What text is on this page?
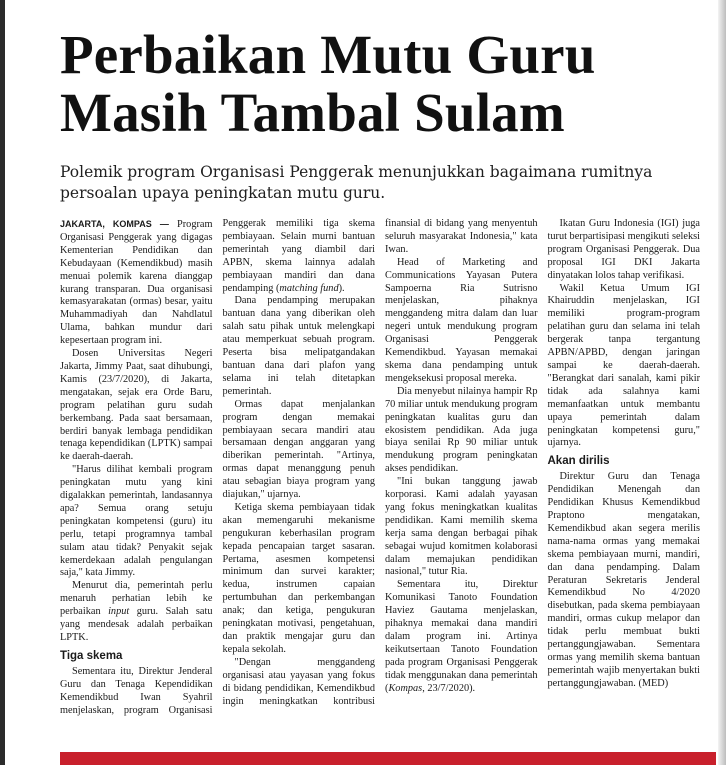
Perbaikan Mutu Guru Masih Tambal Sulam

Polemik program Organisasi Penggerak menunjukkan bagaimana rumitnya persoalan upaya peningkatan mutu guru.

JAKARTA, KOMPAS — Program Organisasi Penggerak yang digagas Kementerian Pendidikan dan Kebudayaan (Kemendikbud) masih menuai polemik karena dianggap kurang transparan. Dua organisasi kemasyarakatan (ormas) besar, yaitu Muhammadiyah dan Nahdlatul Ulama, bahkan mundur dari kepesertaan program ini.

Dosen Universitas Negeri Jakarta, Jimmy Paat, saat dihubungi, Kamis (23/7/2020), di Jakarta, mengatakan, sejak era Orde Baru, program pelatihan guru sudah berkembang. Pada saat bersamaan, berdiri banyak lembaga pendidikan tenaga kependidikan (LPTK) sampai ke daerah-daerah.

"Harus dilihat kembali program peningkatan mutu yang kini digalakkan pemerintah, landasannya apa? Semua orang setuju peningkatan kompetensi (guru) itu perlu, tetapi programnya tambal sulam atau tidak? Penyakit sejak kemerdekaan adalah pengulangan saja," kata Jimmy.

Menurut dia, pemerintah perlu menaruh perhatian lebih ke perbaikan input guru. Salah satu yang mendesak adalah perbaikan LPTK.

Tiga skema

Sementara itu, Direktur Jenderal Guru dan Tenaga Kependidikan Kemendikbud Iwan Syahril menjelaskan, program Organisasi Penggerak memiliki tiga skema pembiayaan. Selain murni bantuan pemerintah yang diambil dari APBN, skema lainnya adalah pembiayaan mandiri dan dana pendamping (matching fund).

Dana pendamping merupakan bantuan dana yang diberikan oleh salah satu pihak untuk melengkapi atau memperkuat sebuah program. Peserta bisa melipatgandakan bantuan dana dari plafon yang selama ini telah ditetapkan pemerintah.

Ormas dapat menjalankan program dengan memakai pembiayaan secara mandiri atau bersamaan dengan anggaran yang diberikan pemerintah. "Artinya, ormas dapat menanggung penuh atau sebagian biaya program yang diajukan," ujarnya.

Ketiga skema pembiayaan tidak akan memengaruhi mekanisme pengukuran keberhasilan program kepada pencapaian target sasaran. Pertama, asesmen kompetensi minimum dan survei karakter; kedua, instrumen capaian pertumbuhan dan perkembangan anak; dan ketiga, pengukuran peningkatan motivasi, pengetahuan, dan praktik mengajar guru dan kepala sekolah.

"Dengan menggandeng organisasi atau yayasan yang fokus di bidang pendidikan, Kemendikbud ingin meningkatkan kontribusi finansial di bidang yang menyentuh seluruh masyarakat Indonesia," kata Iwan.

Head of Marketing and Communications Yayasan Putera Sampoerna Ria Sutrisno menjelaskan, pihaknya menggandeng mitra dalam dan luar negeri untuk mendukung program Organisasi Penggerak Kemendikbud. Yayasan memakai skema dana pendamping untuk mengeksekusi proposal mereka.

Dia menyebut nilainya hampir Rp 70 miliar untuk mendukung program peningkatan kualitas guru dan ekosistem pendidikan. Ada juga biaya senilai Rp 90 miliar untuk mendukung program peningkatan akses pendidikan.

"Ini bukan tanggung jawab korporasi. Kami adalah yayasan yang fokus meningkatkan kualitas pendidikan. Kami memilih skema kerja sama dengan berbagai pihak sebagai wujud komitmen kolaborasi dalam memajukan pendidikan nasional," tutur Ria.

Sementara itu, Direktur Komunikasi Tanoto Foundation Haviez Gautama menjelaskan, pihaknya memakai dana mandiri dalam program ini. Artinya keikutsertaan Tanoto Foundation pada program Organisasi Penggerak tidak menggunakan dana pemerintah (Kompas, 23/7/2020).

Ikatan Guru Indonesia (IGI) juga turut berpartisipasi mengikuti seleksi program Organisasi Penggerak. Dua proposal IGI DKI Jakarta dinyatakan lolos tahap verifikasi.

Wakil Ketua Umum IGI Khairuddin menjelaskan, IGI memiliki program-program pelatihan guru dan selama ini telah bergerak tanpa tergantung APBN/APBD, dengan jaringan sampai ke daerah-daerah. "Berangkat dari sanalah, kami pikir tidak ada salahnya kami memanfaatkan untuk membantu upaya pemerintah dalam peningkatan kompetensi guru," ujarnya.

Akan dirilis

Direktur Guru dan Tenaga Pendidikan Menengah dan Pendidikan Khusus Kemendikbud Praptono mengatakan, Kemendikbud akan segera merilis nama-nama ormas yang memakai skema pembiayaan murni, mandiri, dan dana pendamping. Dalam Peraturan Sekretaris Jenderal Kemendikbud No 4/2020 disebutkan, pada skema pembiayaan mandiri, ormas cukup melapor dan tidak perlu membuat bukti pertanggungjawaban. Sementara ormas yang memilih skema bantuan pemerintah wajib menyertakan bukti pertanggungjawaban. (MED)
